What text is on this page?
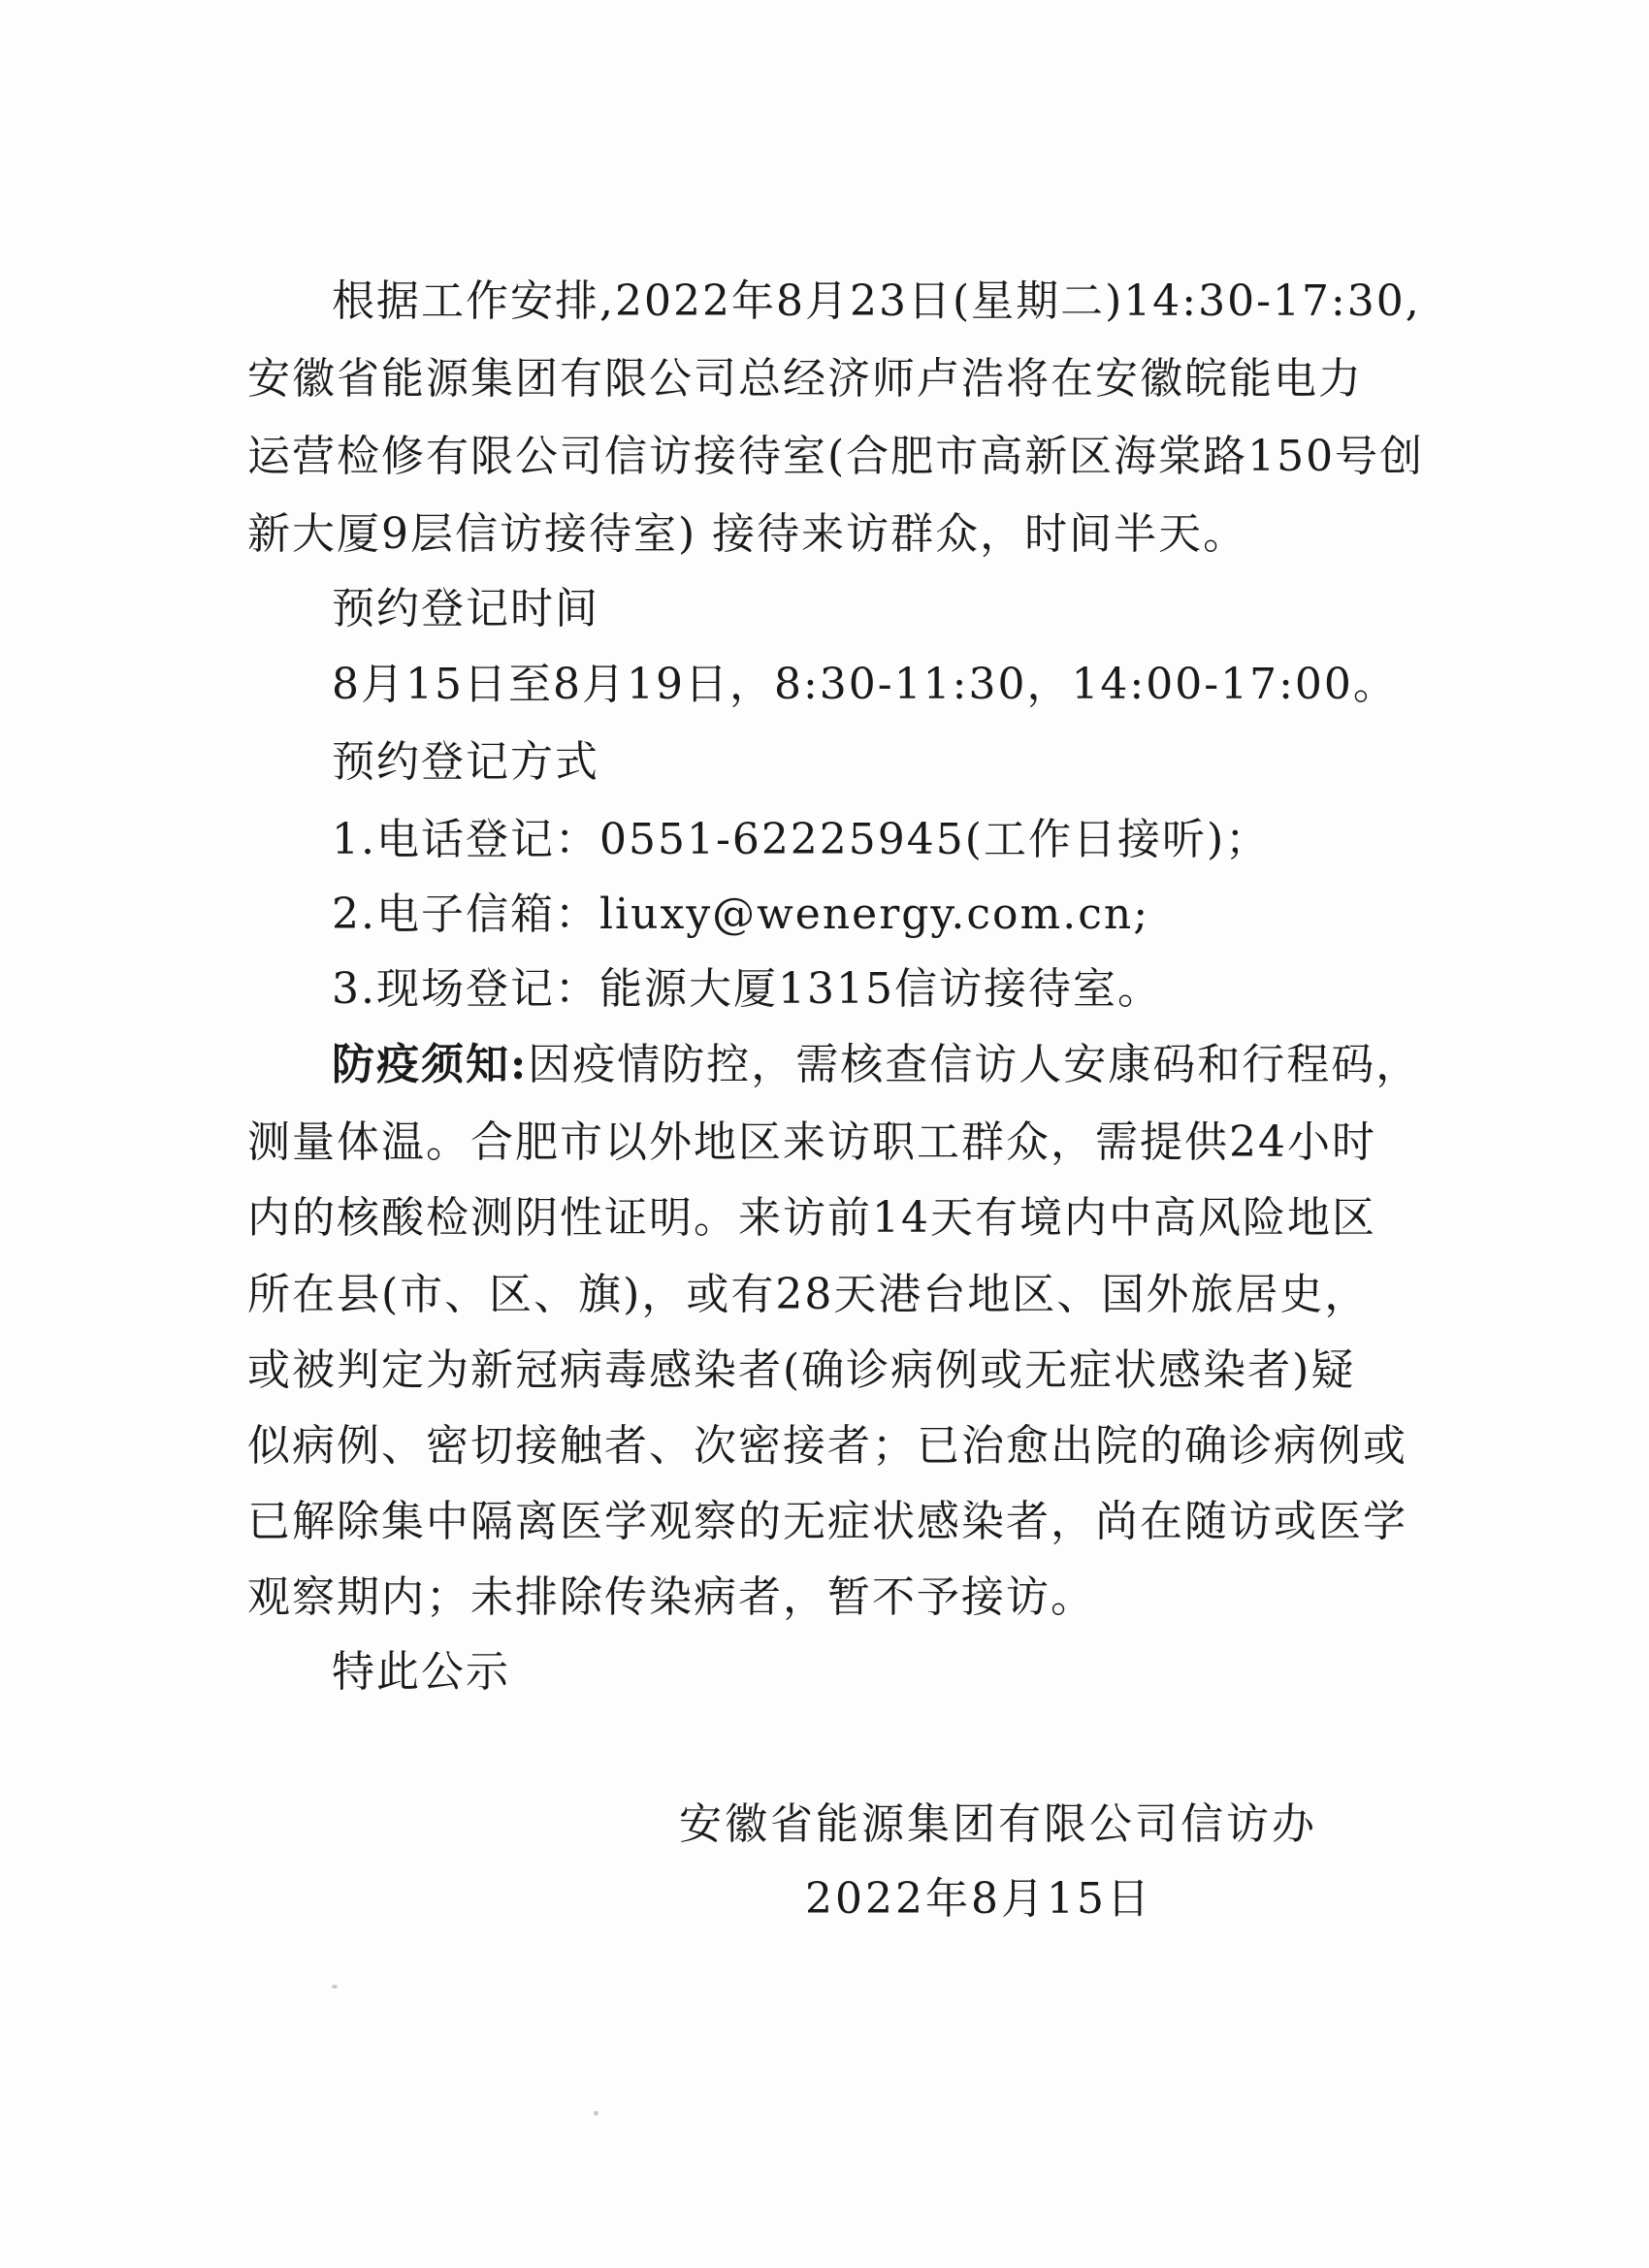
根据工作安排,2022年8月23日(星期二)14:30-17:30,
安徽省能源集团有限公司总经济师卢浩将在安徽皖能电力
运营检修有限公司信访接待室(合肥市高新区海棠路150号创
新大厦9层信访接待室) 接待来访群众，时间半天。
预约登记时间
8月15日至8月19日，8:30-11:30，14:00-17:00。
预约登记方式
1.电话登记：0551-62225945(工作日接听)；
2.电子信箱：liuxy@wenergy.com.cn;
3.现场登记：能源大厦1315信访接待室。
防疫须知:因疫情防控，需核查信访人安康码和行程码，
测量体温。合肥市以外地区来访职工群众，需提供24小时
内的核酸检测阴性证明。来访前14天有境内中高风险地区
所在县(市、区、旗)，或有28天港台地区、国外旅居史，
或被判定为新冠病毒感染者(确诊病例或无症状感染者)疑
似病例、密切接触者、次密接者；已治愈出院的确诊病例或
已解除集中隔离医学观察的无症状感染者，尚在随访或医学
观察期内；未排除传染病者，暂不予接访。
特此公示
安徽省能源集团有限公司信访办
2022年8月15日
